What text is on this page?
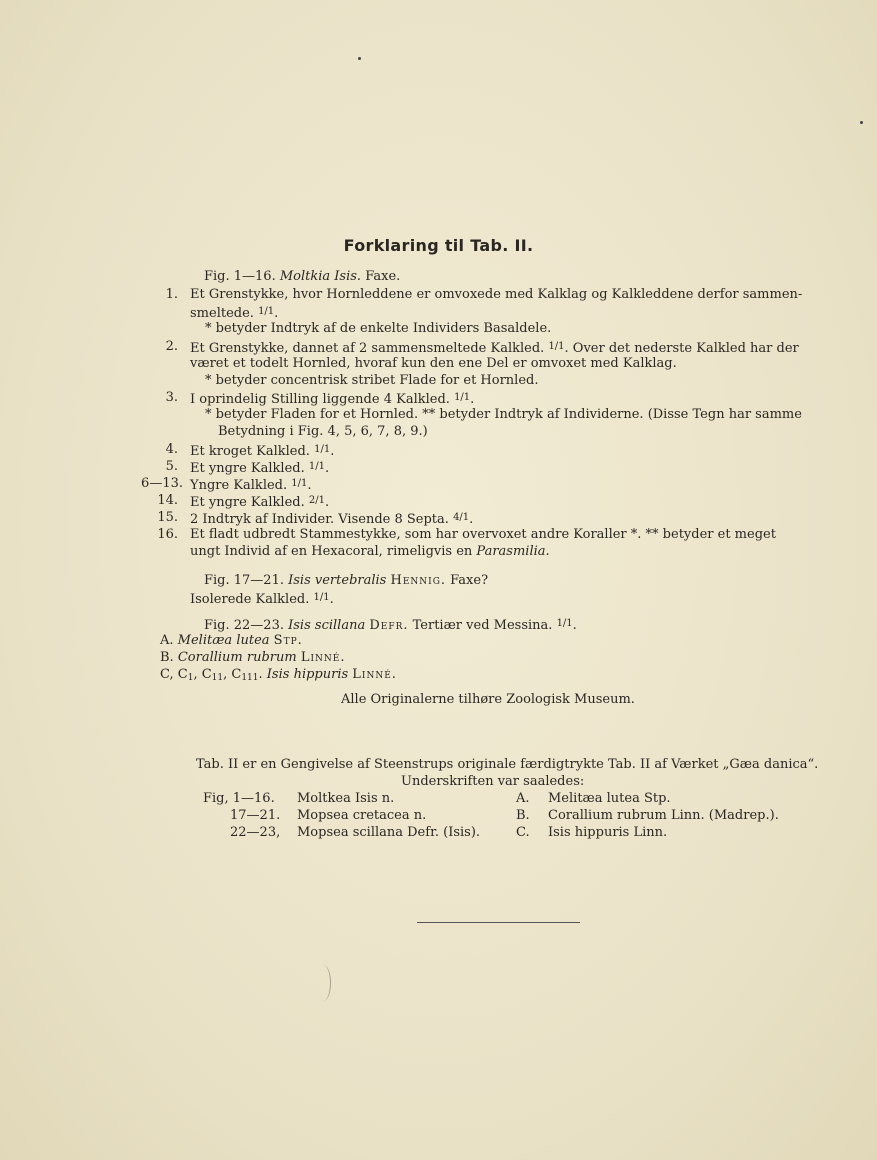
Forklaring til Tab. II.
Fig. 1—16. Moltkia Isis. Faxe.
1. Et Grenstykke, hvor Hornleddene er omvoxede med Kalklag og Kalkleddene derfor sammen-
smeltede. $^{1/1}$.
* betyder Indtryk af de enkelte Individers Basaldele.
2. Et Grenstykke, dannet af 2 sammensmeltede Kalkled. $^{1/1}$. Over det nederste Kalkled har der
været et todelt Hornled, hvoraf kun den ene Del er omvoxet med Kalklag.
* betyder concentrisk stribet Flade for et Hornled.
3. I oprindelig Stilling liggende 4 Kalkled. $^{1/1}$.
* betyder Fladen for et Hornled. ** betyder Indtryk af Individerne. (Disse Tegn har samme
Betydning i Fig. 4, 5, 6, 7, 8, 9.)
4. Et kroget Kalkled. $^{1/1}$.
5. Et yngre Kalkled. $^{1/1}$.
6—13. Yngre Kalkled. $^{1/1}$.
14. Et yngre Kalkled. $^{2/1}$.
15. 2 Indtryk af Individer. Visende 8 Septa. $^{4/1}$.
16. Et fladt udbredt Stammestykke, som har overvoxet andre Koraller *. ** betyder et meget
ungt Individ af en Hexacoral, rimeligvis en Parasmilia.
Fig. 17—21. Isis vertebralis Hennig. Faxe?
Isolerede Kalkled. $^{1/1}$.
Fig. 22—23. Isis scillana Defr. Tertiær ved Messina. $^{1/1}$.
A. Melitæa lutea Stp.
B. Corallium rubrum Linné.
C, $C_1$, $C_{11}$, $C_{111}$. Isis hippuris Linné.
Alle Originalerne tilhøre Zoologisk Museum.
Tab. II er en Gengivelse af Steenstrups originale færdigtrykte Tab. II af Værket „Gæa danica“.
Underskriften var saaledes:
Fig, 1—16. Moltkea Isis n.	A. Melitæa lutea Stp.
17—21. Mopsea cretacea n.	B. Corallium rubrum Linn. (Madrep.).
22—23, Mopsea scillana Defr. (Isis).	C. Isis hippuris Linn.
